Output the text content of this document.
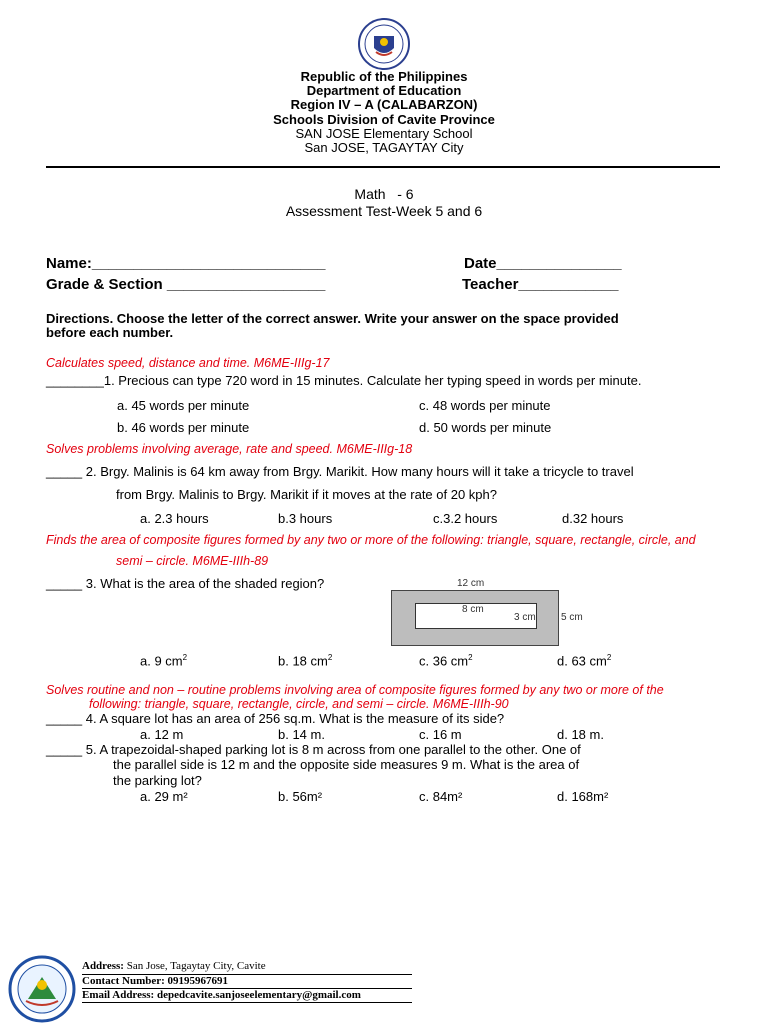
Republic of the Philippines
Department of Education
Region IV – A (CALABARZON)
Schools Division of Cavite Province
SAN JOSE Elementary School
San JOSE, TAGAYTAY City
Math   - 6
Assessment Test-Week 5 and 6
Name:____________________________	Date_______________
Grade & Section ___________________	Teacher____________
Directions. Choose the letter of the correct answer. Write your answer on the space provided
before each number.
Calculates speed, distance and time. M6ME-IIIg-17
________1. Precious can type 720 word in 15 minutes. Calculate her typing speed in words per minute.
a. 45 words per minute	c. 48 words per minute
b. 46 words per minute	d. 50 words per minute
Solves problems involving average, rate and speed. M6ME-IIIg-18
_____ 2. Brgy. Malinis is 64 km away from Brgy. Marikit. How many hours will it take a tricycle to travel
from Brgy. Malinis to Brgy. Marikit if it moves at the rate of 20 kph?
a. 2.3 hours	b.3 hours	c.3.2 hours	d.32 hours
Finds the area of composite figures formed by any two or more of the following: triangle, square, rectangle, circle, and
semi – circle. M6ME-IIIh-89
_____ 3. What is the area of the shaded region?	12 cm
8 cm
3 cm	5 cm
a. 9 $cm^2$	b. 18 $cm^2$	c. 36 $cm^2$	d. 63 $cm^2$
Solves routine and non – routine problems involving area of composite figures formed by any two or more of the
following: triangle, square, rectangle, circle, and semi – circle. M6ME-IIIh-90
_____ 4. A square lot has an area of 256 sq.m. What is the measure of its side?
a. 12 m	b. 14 m.	c. 16 m	d. 18 m.
_____ 5. A trapezoidal-shaped parking lot is 8 m across from one parallel to the other. One of
the parallel side is 12 m and the opposite side measures 9 m. What is the area of
the parking lot?
a. 29 m²	b. 56m²	c. 84m²	d. 168m²
Address: San Jose, Tagaytay City, Cavite
Contact Number: 09195967691
Email Address: depedcavite.sanjoseelementary@gmail.com
